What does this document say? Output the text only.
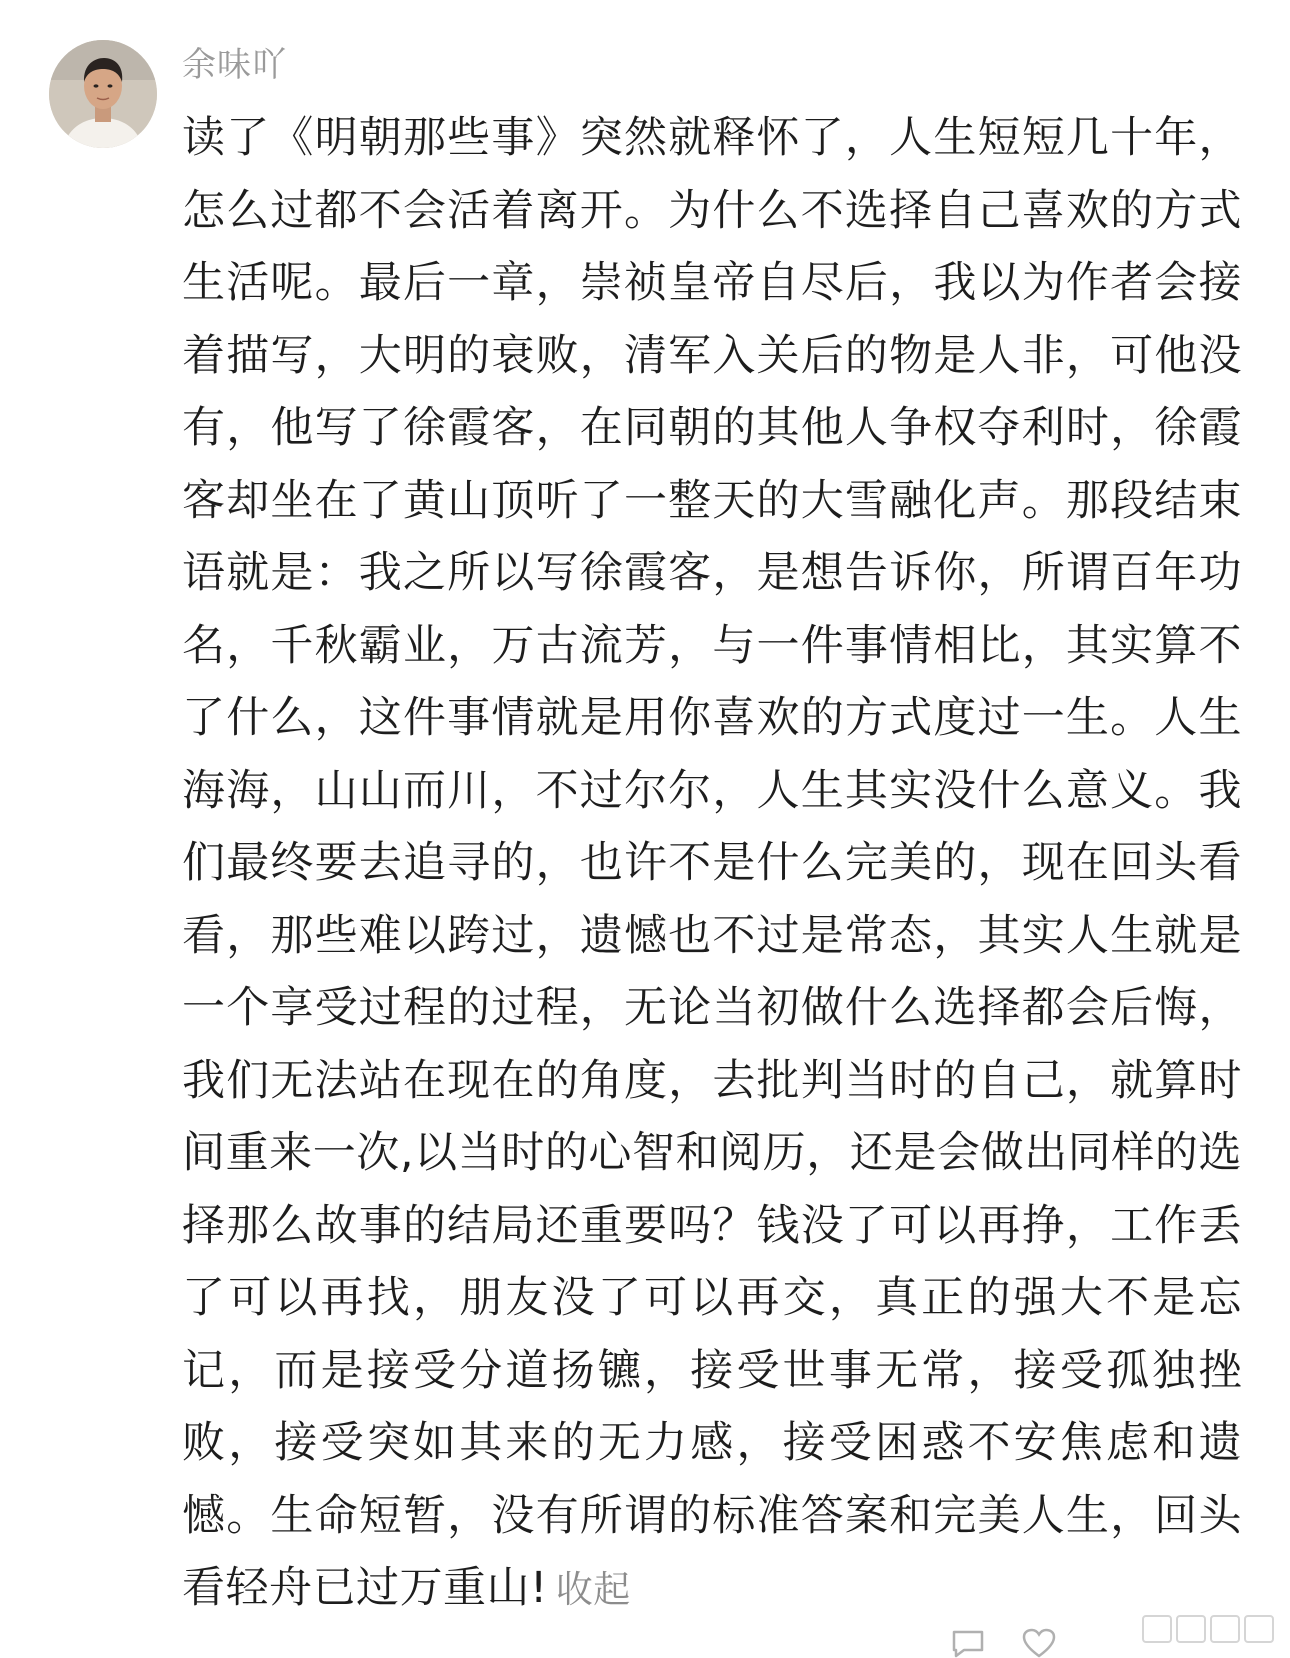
余味吖
读了《明朝那些事》突然就释怀了，人生短短几十年，怎么过都不会活着离开。为什么不选择自己喜欢的方式生活呢。最后一章，崇祯皇帝自尽后，我以为作者会接着描写，大明的衰败，清军入关后的物是人非，可他没有，他写了徐霞客，在同朝的其他人争权夺利时，徐霞客却坐在了黄山顶听了一整天的大雪融化声。那段结束语就是：我之所以写徐霞客，是想告诉你，所谓百年功名，千秋霸业，万古流芳，与一件事情相比，其实算不了什么，这件事情就是用你喜欢的方式度过一生。人生海海，山山而川，不过尔尔，人生其实没什么意义。我们最终要去追寻的，也许不是什么完美的，现在回头看看，那些难以跨过，遗憾也不过是常态，其实人生就是一个享受过程的过程，无论当初做什么选择都会后悔，我们无法站在现在的角度，去批判当时的自己，就算时间重来一次,以当时的心智和阅历，还是会做出同样的选择那么故事的结局还重要吗？钱没了可以再挣，工作丢了可以再找，朋友没了可以再交，真正的强大不是忘记，而是接受分道扬镳，接受世事无常，接受孤独挫败，接受突如其来的无力感，接受困惑不安焦虑和遗憾。生命短暂，没有所谓的标准答案和完美人生，回头看轻舟已过万重山! 收起
